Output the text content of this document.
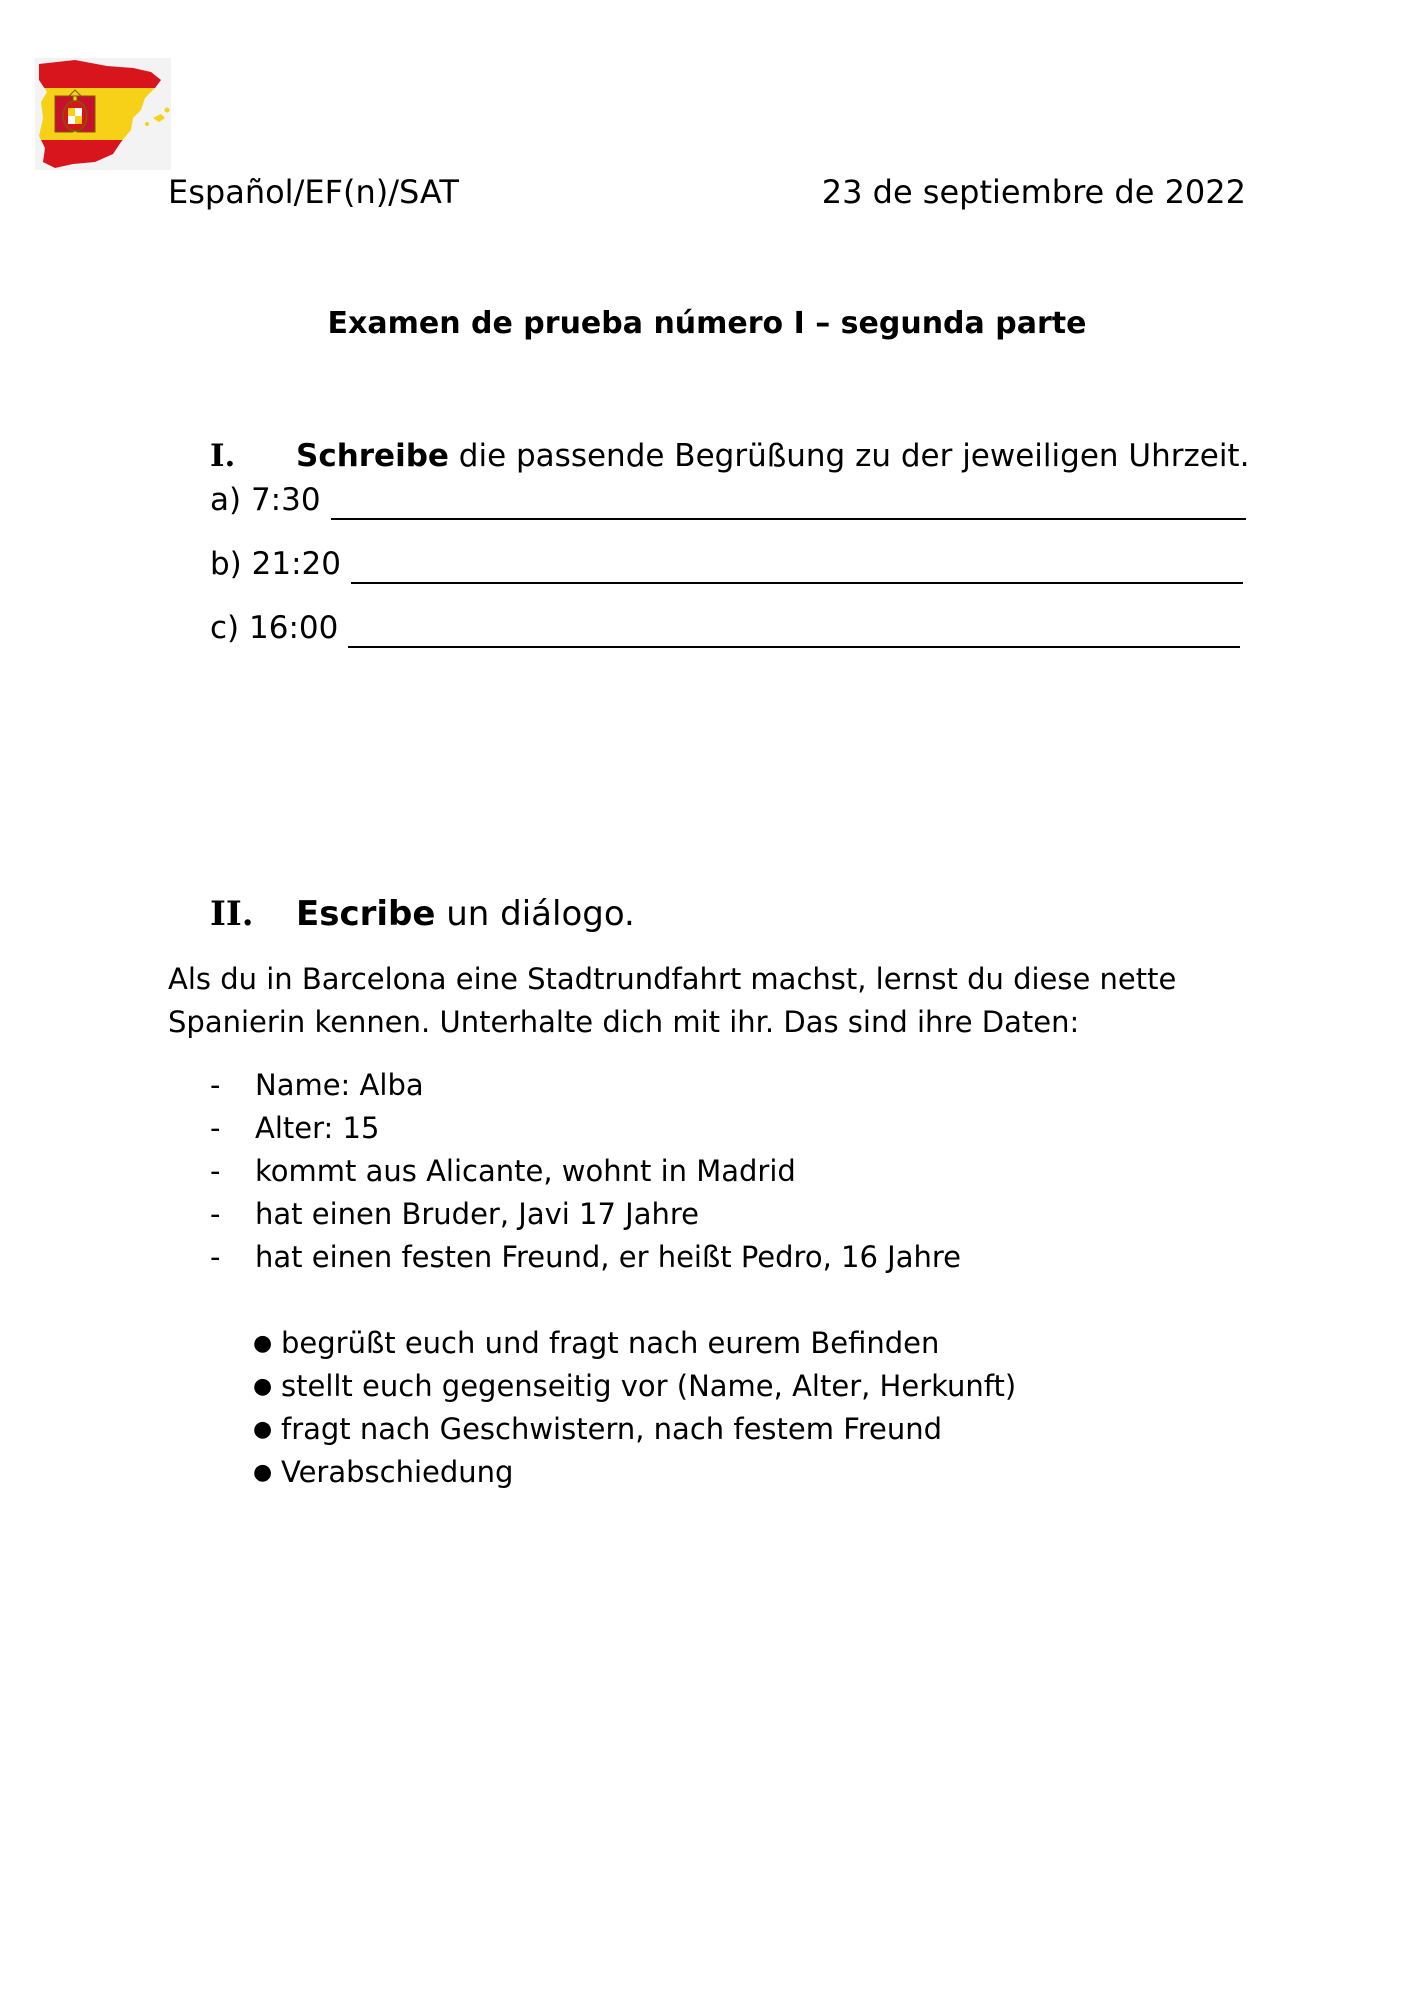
Español/EF(n)/SAT	23 de septiembre de 2022
Examen de prueba número I – segunda parte
I. Schreibe die passende Begrüßung zu der jeweiligen Uhrzeit.
a)
7:30
b)
21:20
c)
16:00
II. Escribe un diálogo.
Als du in Barcelona eine Stadtrundfahrt machst, lernst du diese nette Spanierin kennen. Unterhalte dich mit ihr. Das sind ihre Daten:
- Name: Alba
- Alter: 15
- kommt aus Alicante, wohnt in Madrid
- hat einen Bruder, Javi 17 Jahre
- hat einen festen Freund, er heißt Pedro, 16 Jahre
● begrüßt euch und fragt nach eurem Befinden
● stellt euch gegenseitig vor (Name, Alter, Herkunft)
● fragt nach Geschwistern, nach festem Freund
● Verabschiedung
